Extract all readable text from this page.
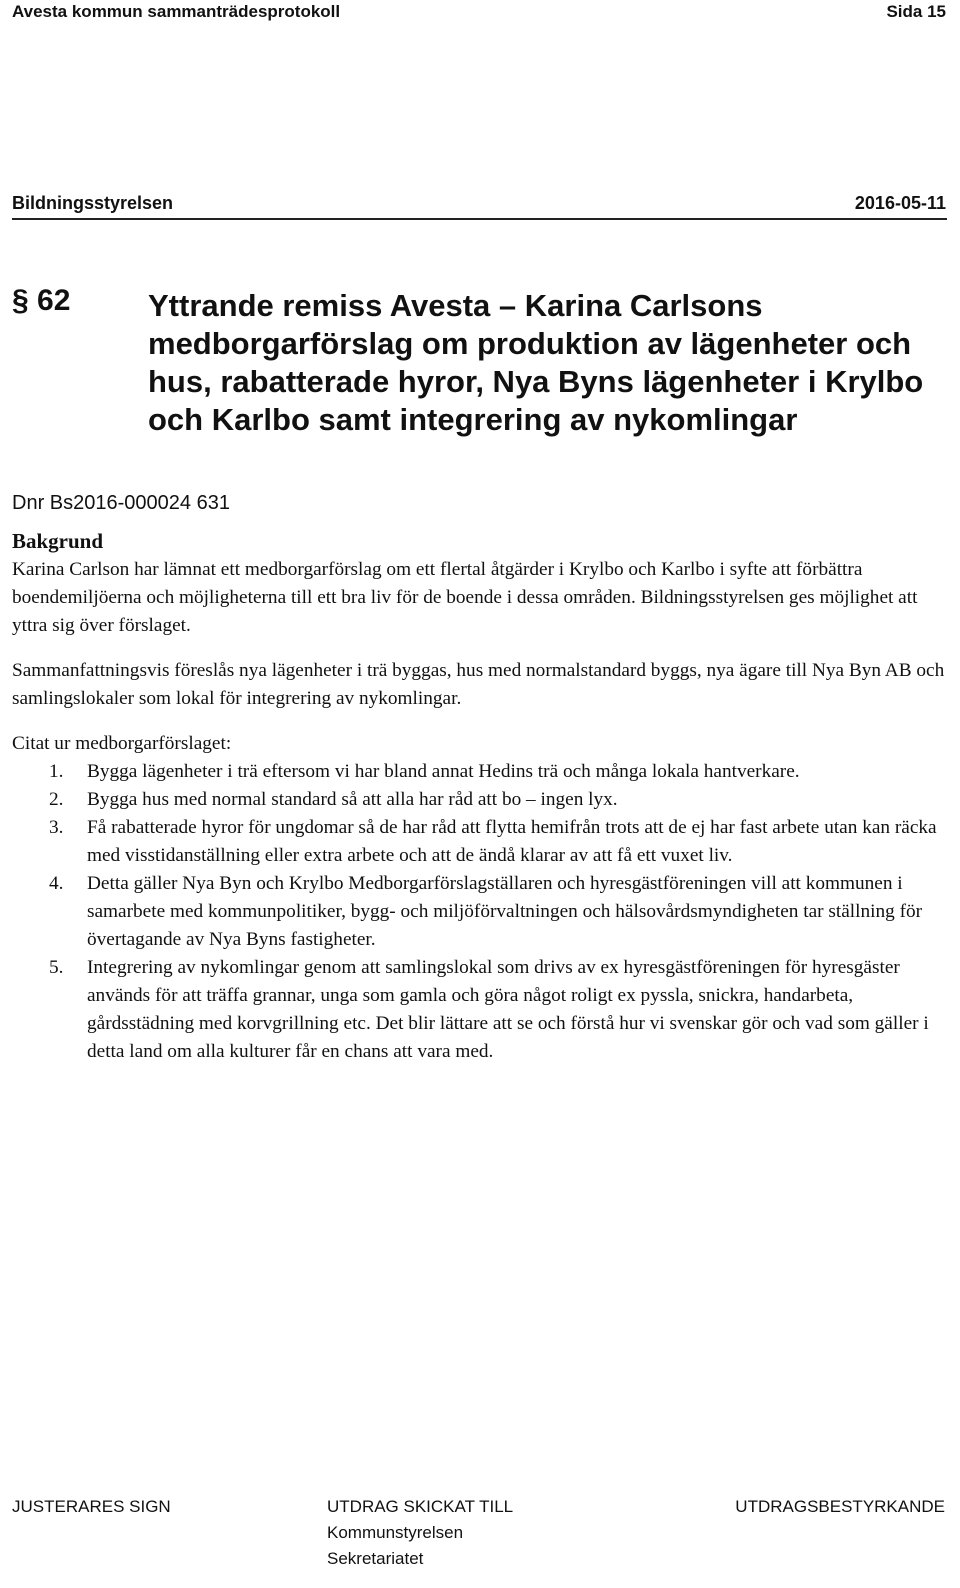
Avesta kommun sammanträdesprotokoll	Sida 15
Bildningsstyrelsen	2016-05-11
§ 62	Yttrande remiss Avesta – Karina Carlsons medborgarförslag om produktion av lägenheter och hus, rabatterade hyror, Nya Byns lägenheter i Krylbo och Karlbo samt integrering av nykomlingar
Dnr Bs2016-000024 631

Bakgrund

Karina Carlson har lämnat ett medborgarförslag om ett flertal åtgärder i Krylbo och Karlbo i syfte att förbättra boendemiljöerna och möjligheterna till ett bra liv för de boende i dessa områden. Bildningsstyrelsen ges möjlighet att yttra sig över förslaget.

Sammanfattningsvis föreslås nya lägenheter i trä byggas, hus med normalstandard byggs, nya ägare till Nya Byn AB och samlingslokaler som lokal för integrering av nykomlingar.

Citat ur medborgarförslaget:

1. Bygga lägenheter i trä eftersom vi har bland annat Hedins trä och många lokala hantverkare.
2. Bygga hus med normal standard så att alla har råd att bo – ingen lyx.
3. Få rabatterade hyror för ungdomar så de har råd att flytta hemifrån trots att de ej har fast arbete utan kan räcka med visstidanställning eller extra arbete och att de ändå klarar av att få ett vuxet liv.
4. Detta gäller Nya Byn och Krylbo Medborgarförslagställaren och hyresgästföreningen vill att kommunen i samarbete med kommunpolitiker, bygg- och miljöförvaltningen och hälsovårdsmyndigheten tar ställning för övertagande av Nya Byns fastigheter.
5. Integrering av nykomlingar genom att samlingslokal som drivs av ex hyresgästföreningen för hyresgäster används för att träffa grannar, unga som gamla och göra något roligt ex pyssla, snickra, handarbeta, gårdsstädning med korvgrillning etc. Det blir lättare att se och förstå hur vi svenskar gör och vad som gäller i detta land om alla kulturer får en chans att vara med.
JUSTERARES SIGN	UTDRAG SKICKAT TILL
Kommunstyrelsen
Sekretariatet
UTDRAGSBESTYRKANDE
